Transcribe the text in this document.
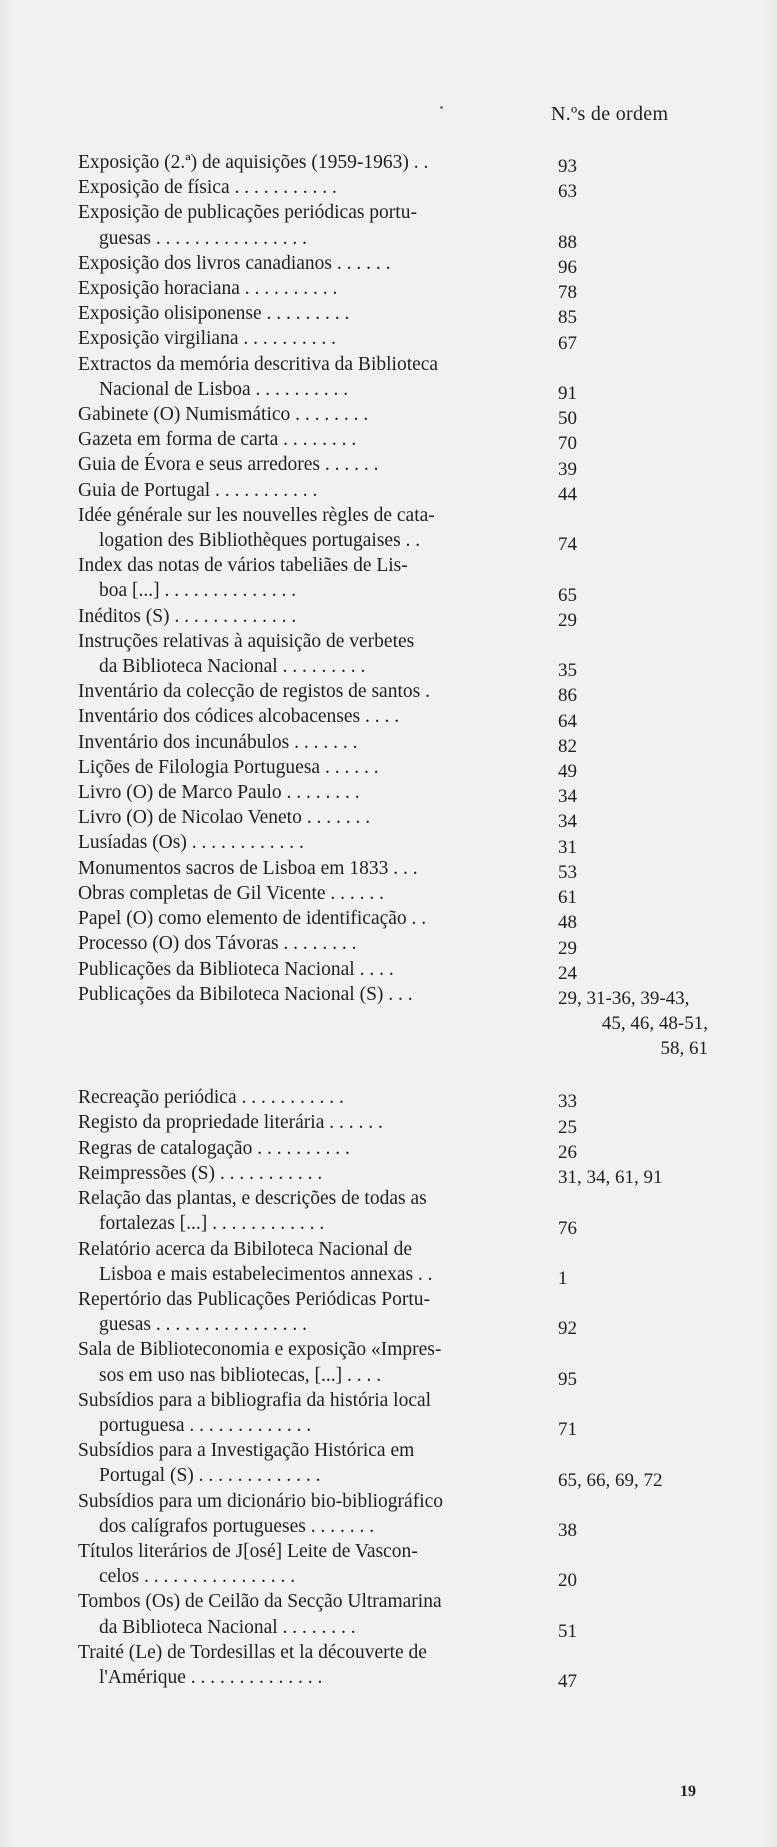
N.ºs de ordem
Exposição (2.ª) de aquisições (1959-1963) . .	93
Exposição de física . . . . . . . . . . .	63
Exposição de publicações periódicas portu-
guesas . . . . . . . . . . . . . . . .	88
Exposição dos livros canadianos . . . . . .	96
Exposição horaciana . . . . . . . . . .	78
Exposição olisiponense . . . . . . . . .	85
Exposição virgiliana . . . . . . . . . .	67
Extractos da memória descritiva da Biblioteca
Nacional de Lisboa . . . . . . . . . .	91
Gabinete (O) Numismático . . . . . . . .	50
Gazeta em forma de carta . . . . . . . .	70
Guia de Évora e seus arredores . . . . . .	39
Guia de Portugal . . . . . . . . . . .	44
Idée générale sur les nouvelles règles de cata-
logation des Bibliothèques portugaises . .	74
Index das notas de vários tabeliães de Lis-
boa [...] . . . . . . . . . . . . . .	65
Inéditos (S) . . . . . . . . . . . . .	29
Instruções relativas à aquisição de verbetes
da Biblioteca Nacional . . . . . . . . .	35
Inventário da colecção de registos de santos .	86
Inventário dos códices alcobacenses . . . .	64
Inventário dos incunábulos . . . . . . .	82
Lições de Filologia Portuguesa . . . . . .	49
Livro (O) de Marco Paulo . . . . . . . .	34
Livro (O) de Nicolao Veneto . . . . . . .	34
Lusíadas (Os) . . . . . . . . . . . .	31
Monumentos sacros de Lisboa em 1833 . . .	53
Obras completas de Gil Vicente . . . . . .	61
Papel (O) como elemento de identificação . .	48
Processo (O) dos Távoras . . . . . . . .	29
Publicações da Biblioteca Nacional . . . .	24
Publicações da Bibiloteca Nacional (S) . . .	29, 31-36, 39-43,
45, 46, 48-51,
58, 61
Recreação periódica . . . . . . . . . . .	33
Registo da propriedade literária . . . . . .	25
Regras de catalogação . . . . . . . . . .	26
Reimpressões (S) . . . . . . . . . . .	31, 34, 61, 91
Relação das plantas, e descrições de todas as
fortalezas [...] . . . . . . . . . . . .	76
Relatório acerca da Bibiloteca Nacional de
Lisboa e mais estabelecimentos annexas . .	1
Repertório das Publicações Periódicas Portu-
guesas . . . . . . . . . . . . . . . .	92
Sala de Biblioteconomia e exposição «Impres-
sos em uso nas bibliotecas, [...] . . . .	95
Subsídios para a bibliografia da história local
portuguesa . . . . . . . . . . . . .	71
Subsídios para a Investigação Histórica em
Portugal (S) . . . . . . . . . . . . .	65, 66, 69, 72
Subsídios para um dicionário bio-bibliográfico
dos calígrafos portugueses . . . . . . .	38
Títulos literários de J[osé] Leite de Vascon-
celos . . . . . . . . . . . . . . . .	20
Tombos (Os) de Ceilão da Secção Ultramarina
da Biblioteca Nacional . . . . . . . .	51
Traité (Le) de Tordesillas et la découverte de
l'Amérique . . . . . . . . . . . . . .	47
19
